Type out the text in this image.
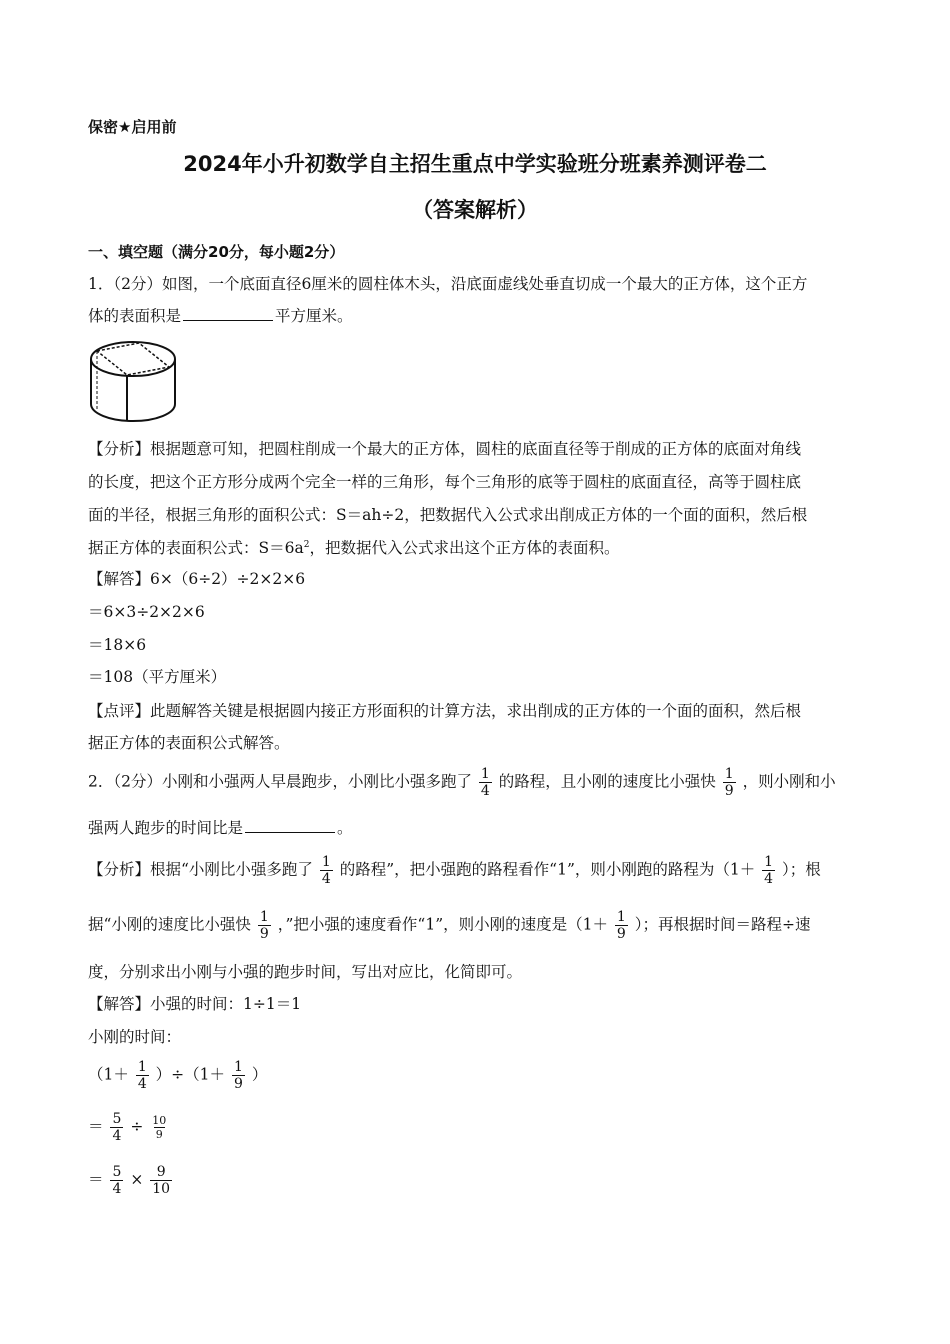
保密★启用前
2024年小升初数学自主招生重点中学实验班分班素养测评卷二
（答案解析）
一、填空题（满分20分，每小题2分）
1．（2分）如图，一个底面直径6厘米的圆柱体木头，沿底面虚线处垂直切成一个最大的正方体，这个正方
体的表面积是	平方厘米。
【分析】根据题意可知，把圆柱削成一个最大的正方体，圆柱的底面直径等于削成的正方体的底面对角线
的长度，把这个正方形分成两个完全一样的三角形，每个三角形的底等于圆柱的底面直径，高等于圆柱底
面的半径，根据三角形的面积公式：S＝ah÷2，把数据代入公式求出削成正方体的一个面的面积，然后根
据正方体的表面积公式：$S=6a^2$，把数据代入公式求出这个正方体的表面积。
【解答】6×（6÷2）÷2×2×6
＝6×3÷2×2×6
＝18×6
＝108（平方厘米）
【点评】此题解答关键是根据圆内接正方形面积的计算方法，求出削成的正方体的一个面的面积，然后根
据正方体的表面积公式解答。
2．（2分）小刚和小强两人早晨跑步，小刚比小强多跑了 $\frac{1}{4}$ 的路程，且小刚的速度比小强快 $\frac{1}{9}$ ，则小刚和小
强两人跑步的时间比是	。
【分析】根据“小刚比小强多跑了 $\frac{1}{4}$ 的路程”，把小强跑的路程看作“1”，则小刚跑的路程为（$1+ \frac{1}{4}$ ）；根
据“小刚的速度比小强快 $\frac{1}{9}$ ，”把小强的速度看作“1”，则小刚的速度是（$1+ \frac{1}{9}$ ）；再根据时间＝路程÷速
度，分别求出小刚与小强的跑步时间，写出对应比，化简即可。
【解答】小强的时间：1÷1＝1
小刚的时间：
$(1+ \frac{1}{4} )\div(1+ \frac{1}{9}$ ）
＝ $\frac{5}{4} \div \frac{10}{9}$
＝ $\frac{5}{4} \times \frac{9}{10}$
